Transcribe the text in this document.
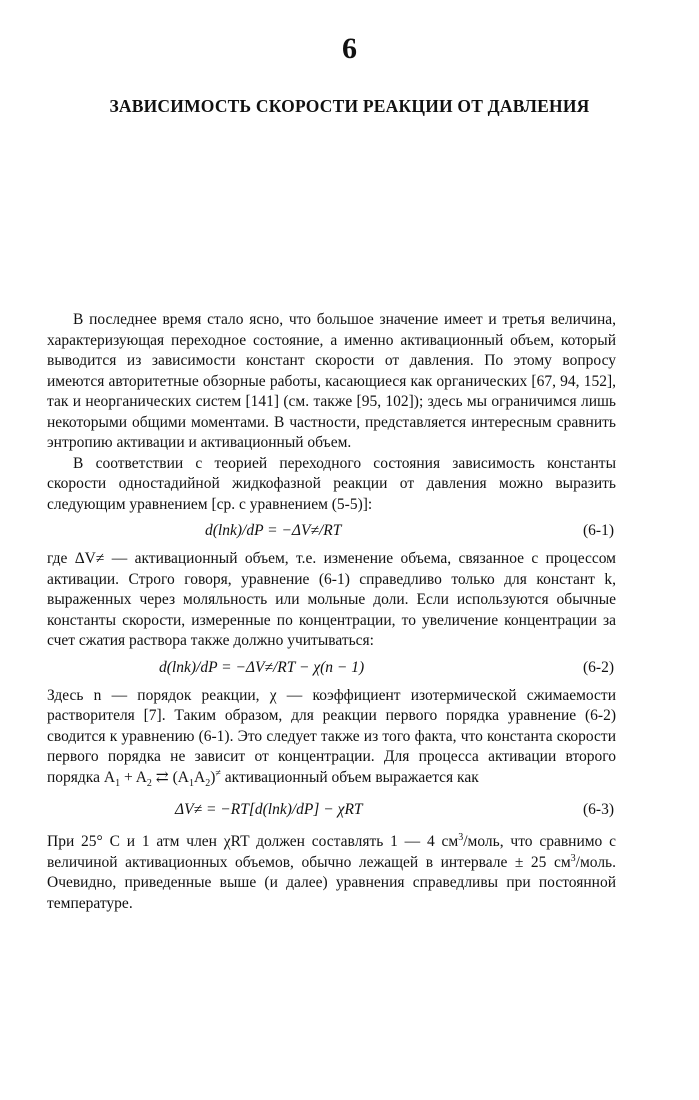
6
ЗАВИСИМОСТЬ СКОРОСТИ РЕАКЦИИ ОТ ДАВЛЕНИЯ

В последнее время стало ясно, что большое значение имеет и третья величина, характеризующая переходное состояние, а именно активационный объем, который выводится из зависимости констант скорости от давления. По этому вопросу имеются авторитетные обзорные работы, касающиеся как органических [67, 94, 152], так и неорганических систем [141] (см. также [95, 102]); здесь мы ограничимся лишь некоторыми общими моментами. В частности, представляется интересным сравнить энтропию активации и активационный объем.

В соответствии с теорией переходного состояния зависимость константы скорости одностадийной жидкофазной реакции от давления можно выразить следующим уравнением [ср. с уравнением (5-5)]:

d(lnk)/dP = −ΔV≠/RT	(6-1)

где ΔV≠ — активационный объем, т.е. изменение объема, связанное с процессом активации. Строго говоря, уравнение (6-1) справедливо только для констант k, выраженных через моляльность или мольные доли. Если используются обычные константы скорости, измеренные по концентрации, то увеличение концентрации за счет сжатия раствора также должно учитываться:

d(lnk)/dP = −ΔV≠/RT − χ(n − 1)	(6-2)

Здесь n — порядок реакции, χ — коэффициент изотермической сжимаемости растворителя [7]. Таким образом, для реакции первого порядка уравнение (6-2) сводится к уравнению (6-1). Это следует также из того факта, что константа скорости первого порядка не зависит от концентрации. Для процесса активации второго порядка $A_1 + A_2$ ⇄ $(A_1A_2)^\ne$ активационный объем выражается как

ΔV≠ = −RT[d(lnk)/dP] − χRT	(6-3)

При 25° С и 1 атм член χRT должен составлять 1 — 4 $см^3$/моль, что сравнимо с величиной активационных объемов, обычно лежащей в интервале ± 25 $см^3$/моль. Очевидно, приведенные выше (и далее) уравнения справедливы при постоянной температуре.
